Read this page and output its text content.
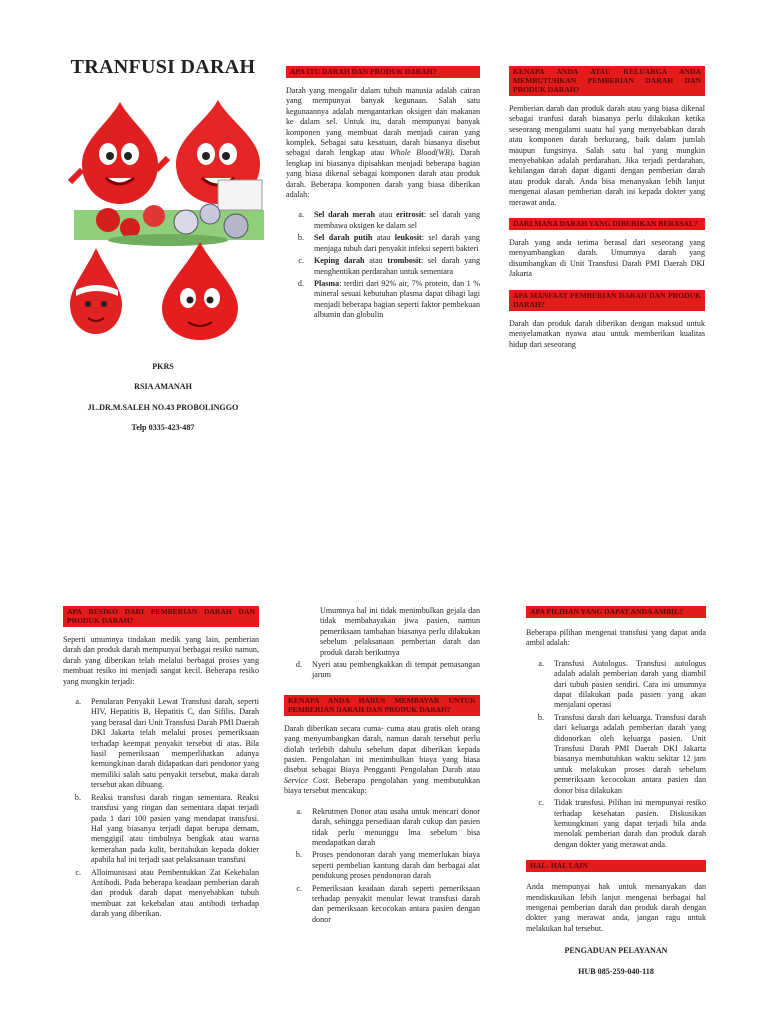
TRANFUSI DARAH

PKRS

RSIA AMANAH

JL.DR.M.SALEH NO.43 PROBOLINGGO

Telp 0335-423-487

APA ITU DARAH DAN PRODUK DARAH?

Darah yang mengalir dalam tubuh manusia adalah cairan yang mempunyai banyak kegunaan. Salah satu kegunaannya adalah mengantarkan oksigen dan makanan ke dalam sel. Untuk itu, darah mempunyai banyak komponen yang membuat darah menjadi cairan yang komplek. Sebagai satu kesatuan, darah biasanya disebut sebagai darah lengkap atau Whole Blood(WB). Darah lengkap ini biasanya dipisahkan menjadi beberapa bagian yang biasa dikenal sebagai komponen darah atau produk darah. Beberapa komponen darah yang biasa diberikan adalah:

a. Sel darah merah atau eritrosit: sel darah yang membawa oksigen ke dalam sel
b. Sel darah putih atau leukosit: sel darah yang menjaga tubuh dari penyakit infeksi seperti bakteri
c. Keping darah atau trombosit: sel darah yang menghentikan perdarahan untuk sementara
d. Plasma: terdiri dari 92% air, 7% protein, dan 1 % mineral sesuai kebutuhan plasma dapat dibagi lagi menjadi beberapa bagian seperti faktor pembekuan albumin dan globulin
KENAPA ANDA ATAU KELUARGA ANDA MEMBUTUHKAN PEMBERIAN DARAH DAN PRODUK DARAH?

Pemberian darah dan produk darah atau yang biasa dikenal sebagai tranfusi darah biasanya perlu dilakukan ketika seseorang mengalami suatu hal yang menyebabkan darah atau komponen darah berkurang, baik dalam jumlah maupun fungsinya. Salah satu hal yang mungkin menyebabkan adalah perdarahan. Jika terjadi perdarahan, kehilangan darah dapat diganti dengan pemberian darah atau produk darah. Anda bisa menanyakan lebih lanjut mengenai alasan pemberian darah ini kepada dokter yang merawat anda.

DARI MANA DARAH YANG DIBERIKAN BERASAL?

Darah yang anda terima berasal dari seseorang yang menyumbangkan darah. Umumnya darah yang disumbangkan di Unit Transfusi Darah PMI Daerah DKI Jakarta

APA MANFAAT PEMBERIAN DARAH DAN PRODUK DARAH?

Darah dan produk darah diberikan dengan maksud untuk menyelamatkan nyawa atau untuk memberikan kualitas hidup dari seseorang

APA RESIKO DARI PEMBERIAN DARAH DAN PRODUK DARAH?

Seperti umumnya tindakan medik yang lain, pemberian darah dan produk darah mempunyai berbagai resiko namun, darah yang diberikan telah melalui berbagai proses yang membuat resiko ini menjadi sangat kecil. Beberapa resiko yang mungkin terjadi:

a. Penularan Penyakit Lewat Transfusi darah, seperti HIV, Hepatitis B, Hepatitis C, dan Sifilis. Darah yang berasal dari Unit Transfusi Darah PMI Daerah DKI Jakarta telah melalui proses pemeriksaan terhadap keempat penyakit tersebut di atas. Bila hasil pemeriksaan memperlihatkan adanya kemungkinan darah didapatkan dari pendonor yang memiliki salah satu penyakit tersebut, maka darah tersebut akan dibuang.
b. Reaksi transfusi darah ringan sementara. Reaksi transfusi yang ringan dan sementara dapat terjadi pada 1 dari 100 pasien yang mendapat transfusi. Hal yang biasanya terjadi dapat berupa demam, menggigil atau timbulnya bengkak atau warna kemerahan pada kulit, beritahukan kepada dokter apabila hal ini terjadi saat pelaksanaan transfusi
c. Alloimunisasi atau Pembentukkan Zat Kekebalan Antibodi. Pada beberapa keadaan pemberian darah dan produk darah dapat menyebabkan tubuh membuat zat kekebalan atau antibodi terhadap darah yang diberikan.

Umumnya hal ini tidak menimbulkan gejala dan tidak membahayakan jiwa pasien, namun pemeriksaan tambahan biasanya perlu dilakukan sebelum pelaksanaan pemberian darah dan produk darah berikutnya

d. Nyeri atau pembengkakkan di tempat pemasangan jarum
KENAPA ANDA HARUS MEMBAYAR UNTUK PEMBERIAN DARAH DAN PRODUK DARAH?

Darah diberikan secara cuma- cuma atau gratis oleh orang yang menyumbangkan darah, namun darah tersebut perlu diolah terlebih dahulu sebelum dapat diberikan kepada pasien. Pengolahan ini menimbulkan biaya yang biasa disebut sebagai Biaya Pengganti Pengolahan Darah atau Service Cost. Beberapa pengolahan yang membutuhkan biaya tersebut mencakup:

a. Rekrutmen Donor atau usaha untuk mencari donor darah, sehingga persediaan darah cukup dan pasien tidak perlu menunggu lma sebelum bisa mendapatkan darah
b. Proses pendonoran darah yang memerlukan biaya seperti pembelian kantung darah dan berbagai alat pendukung proses pendonoran darah
c. Pemeriksaan keadaan darah seperti pemeriksaan terhadap penyakit menular lewat transfusi darah dan pemeriksaan kecocokan antara pasien dengan donor
APA PILIHAN YANG DAPAT ANDA AMBIL?

Beberapa pilihan mengenai transfusi yang dapat anda ambil adalah:

a. Transfusi Autologus. Transfusi autologus adalah adalah pemberian darah yang diambil dari tubuh pasien sendiri. Cara ini umumnya dapat dilakukan pada pasien yang akan menjalani operasi
b. Transfusi darah dari keluarga. Transfusi darah dari keluarga adalah pemberian darah yang didonorkan oleh keluarga pasien. Unit Transfusi Darah PMI Daerah DKI Jakarta biasanya membutuhkan waktu sekitar 12 jam untuk melakukan proses darah sebelum pemeriksaan kecocokan antara pasien dan donor bisa dilakukan
c. Tidak transfusi. Pilihan ini mempunyai resiko terhadap kesehatan pasien. Diskusikan kemungkinan yang dapat terjadi bila anda menolak pemberian darah dan produk darah dengan dokter yang merawat anda.
HAL- HAL LAIN

Anda mempunyai hak untuk menanyakan dan mendiskusikan lebih lanjut mengenai berbagai hal mengenai pemberian darah dan produk darah dengan dokter yang merawat anda, jangan ragu untuk melakukan hal tersebut.

PENGADUAN PELAYANAN

HUB 085-259-040-118
